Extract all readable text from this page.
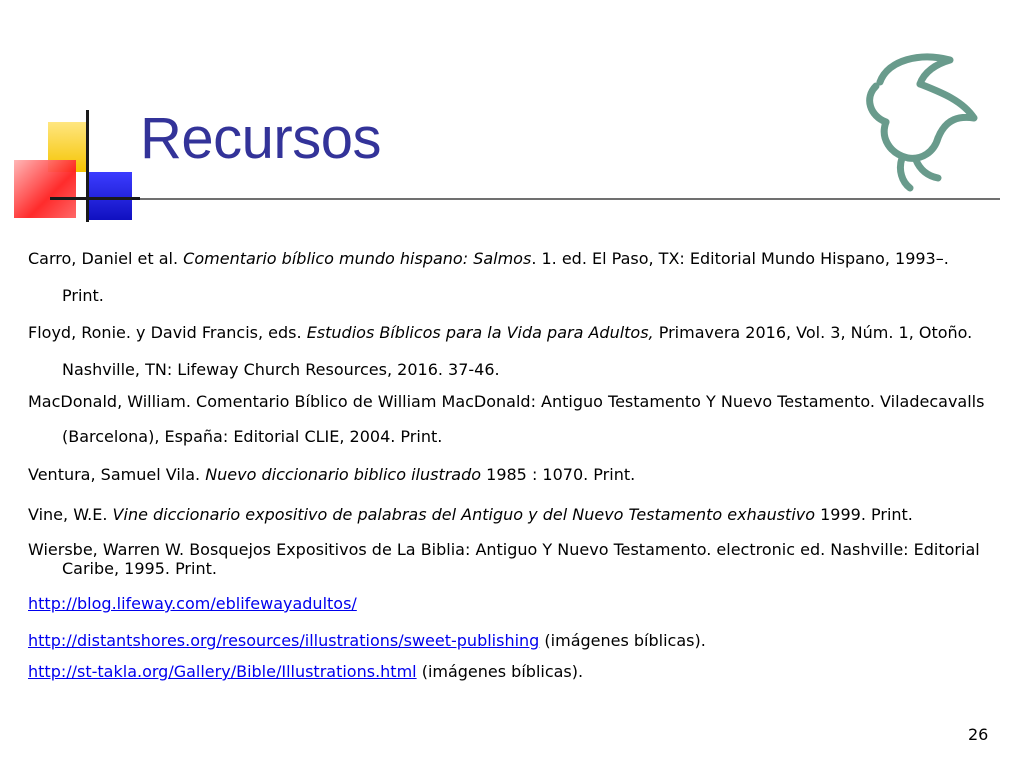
Recursos

Carro, Daniel et al. Comentario bíblico mundo hispano: Salmos. 1. ed. El Paso, TX: Editorial Mundo Hispano, 1993–. Print.

Floyd, Ronie. y David Francis, eds. Estudios Bíblicos para la Vida para Adultos, Primavera 2016, Vol. 3, Núm. 1, Otoño. Nashville, TN: Lifeway Church Resources, 2016. 37-46.

MacDonald, William. Comentario Bíblico de William MacDonald: Antiguo Testamento Y Nuevo Testamento. Viladecavalls (Barcelona), España: Editorial CLIE, 2004. Print.

Ventura, Samuel Vila. Nuevo diccionario biblico ilustrado 1985 : 1070. Print.

Vine, W.E. Vine diccionario expositivo de palabras del Antiguo y del Nuevo Testamento exhaustivo 1999. Print.

Wiersbe, Warren W. Bosquejos Expositivos de La Biblia: Antiguo Y Nuevo Testamento. electronic ed. Nashville: Editorial Caribe, 1995. Print.

http://blog.lifeway.com/eblifewayadultos/

http://distantshores.org/resources/illustrations/sweet-publishing (imágenes bíblicas).

http://st-takla.org/Gallery/Bible/Illustrations.html (imágenes bíblicas).

26
